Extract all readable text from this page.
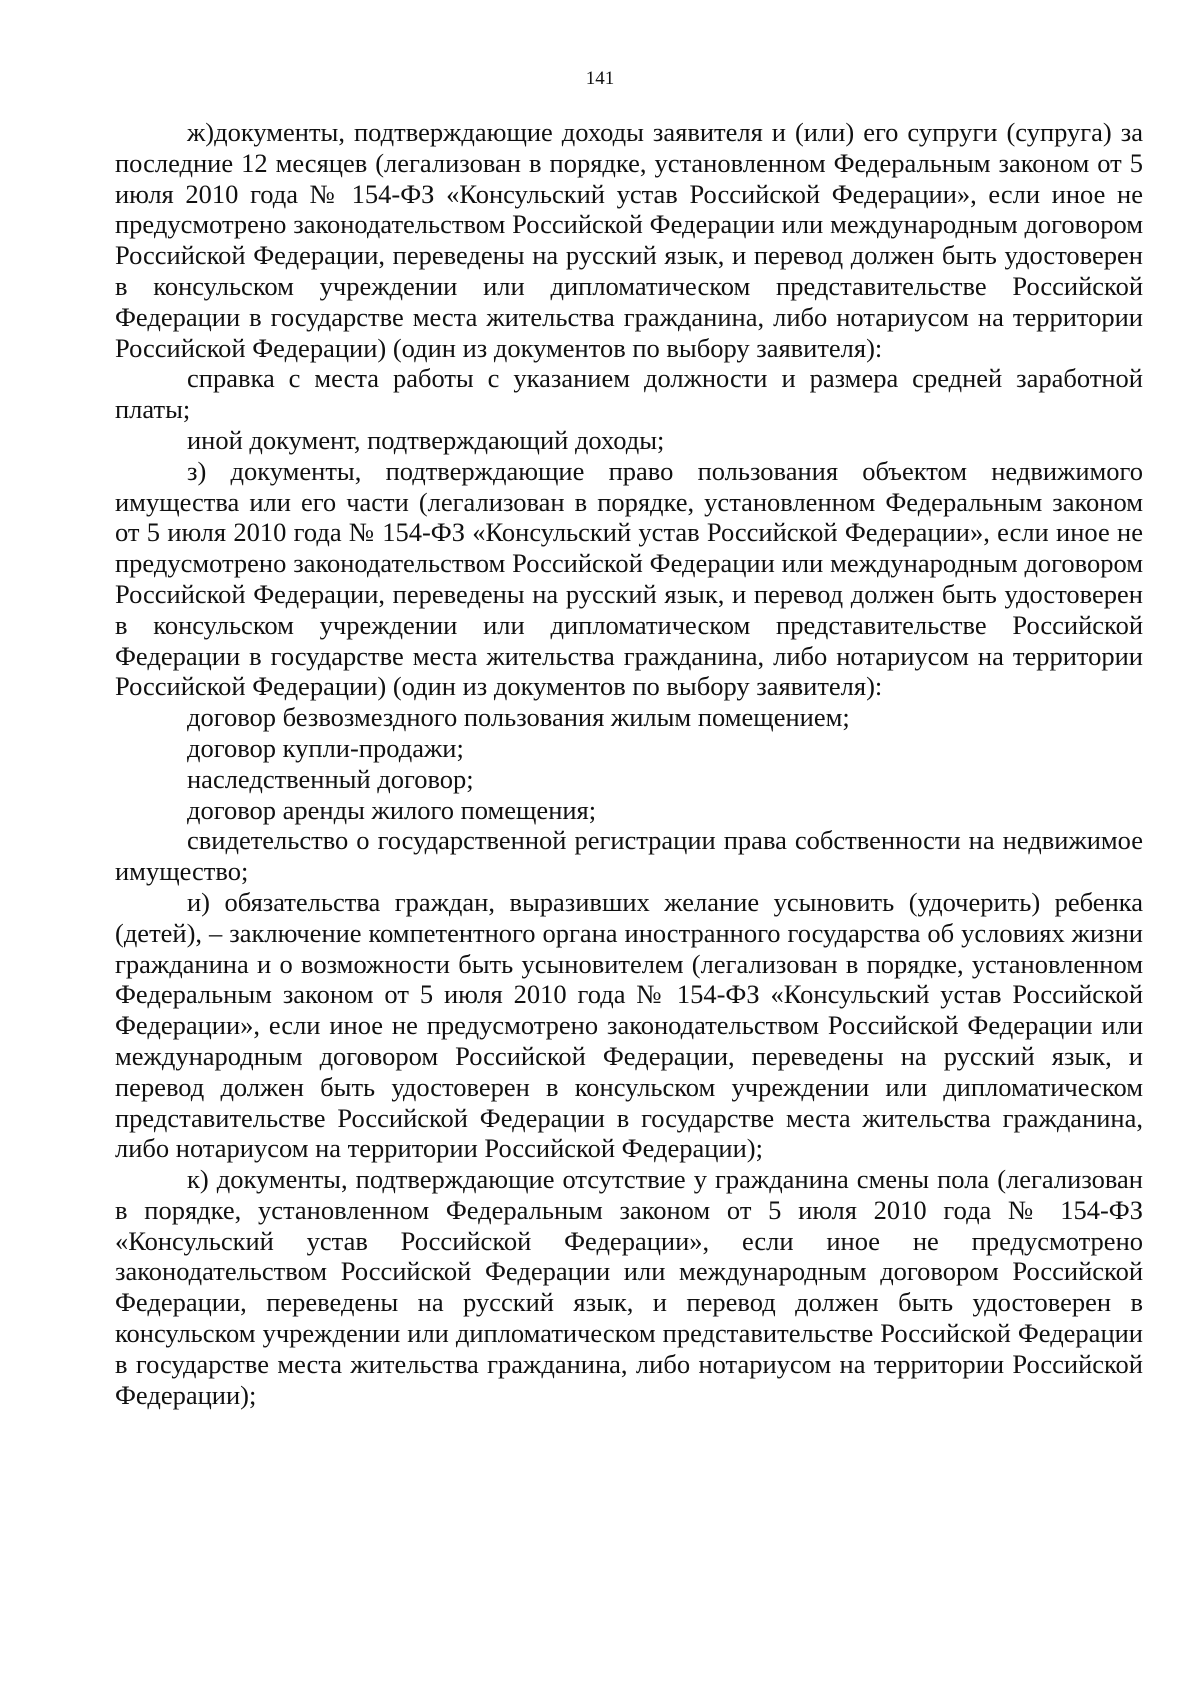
141

ж)документы, подтверждающие доходы заявителя и (или) его супруги (супруга) за последние 12 месяцев (легализован в порядке, установленном Федеральным законом от 5 июля 2010 года № 154-ФЗ «Консульский устав Российской Федерации», если иное не предусмотрено законодательством Российской Федерации или международным договором Российской Федерации, переведены на русский язык, и перевод должен быть удостоверен в консульском учреждении или дипломатическом представительстве Российской Федерации в государстве места жительства гражданина, либо нотариусом на территории Российской Федерации) (один из документов по выбору заявителя):

справка с места работы с указанием должности и размера средней заработной платы;

иной документ, подтверждающий доходы;

з) документы, подтверждающие право пользования объектом недвижимого имущества или его части (легализован в порядке, установленном Федеральным законом от 5 июля 2010 года № 154-ФЗ «Консульский устав Российской Федерации», если иное не предусмотрено законодательством Российской Федерации или международным договором Российской Федерации, переведены на русский язык, и перевод должен быть удостоверен в консульском учреждении или дипломатическом представительстве Российской Федерации в государстве места жительства гражданина, либо нотариусом на территории Российской Федерации) (один из документов по выбору заявителя):

договор безвозмездного пользования жилым помещением;

договор купли-продажи;

наследственный договор;

договор аренды жилого помещения;

свидетельство о государственной регистрации права собственности на недвижимое имущество;

и) обязательства граждан, выразивших желание усыновить (удочерить) ребенка (детей), – заключение компетентного органа иностранного государства об условиях жизни гражданина и о возможности быть усыновителем (легализован в порядке, установленном Федеральным законом от 5 июля 2010 года № 154-ФЗ «Консульский устав Российской Федерации», если иное не предусмотрено законодательством Российской Федерации или международным договором Российской Федерации, переведены на русский язык, и перевод должен быть удостоверен в консульском учреждении или дипломатическом представительстве Российской Федерации в государстве места жительства гражданина, либо нотариусом на территории Российской Федерации);

к) документы, подтверждающие отсутствие у гражданина смены пола (легализован в порядке, установленном Федеральным законом от 5 июля 2010 года № 154-ФЗ «Консульский устав Российской Федерации», если иное не предусмотрено законодательством Российской Федерации или международным договором Российской Федерации, переведены на русский язык, и перевод должен быть удостоверен в консульском учреждении или дипломатическом представительстве Российской Федерации в государстве места жительства гражданина, либо нотариусом на территории Российской Федерации);
